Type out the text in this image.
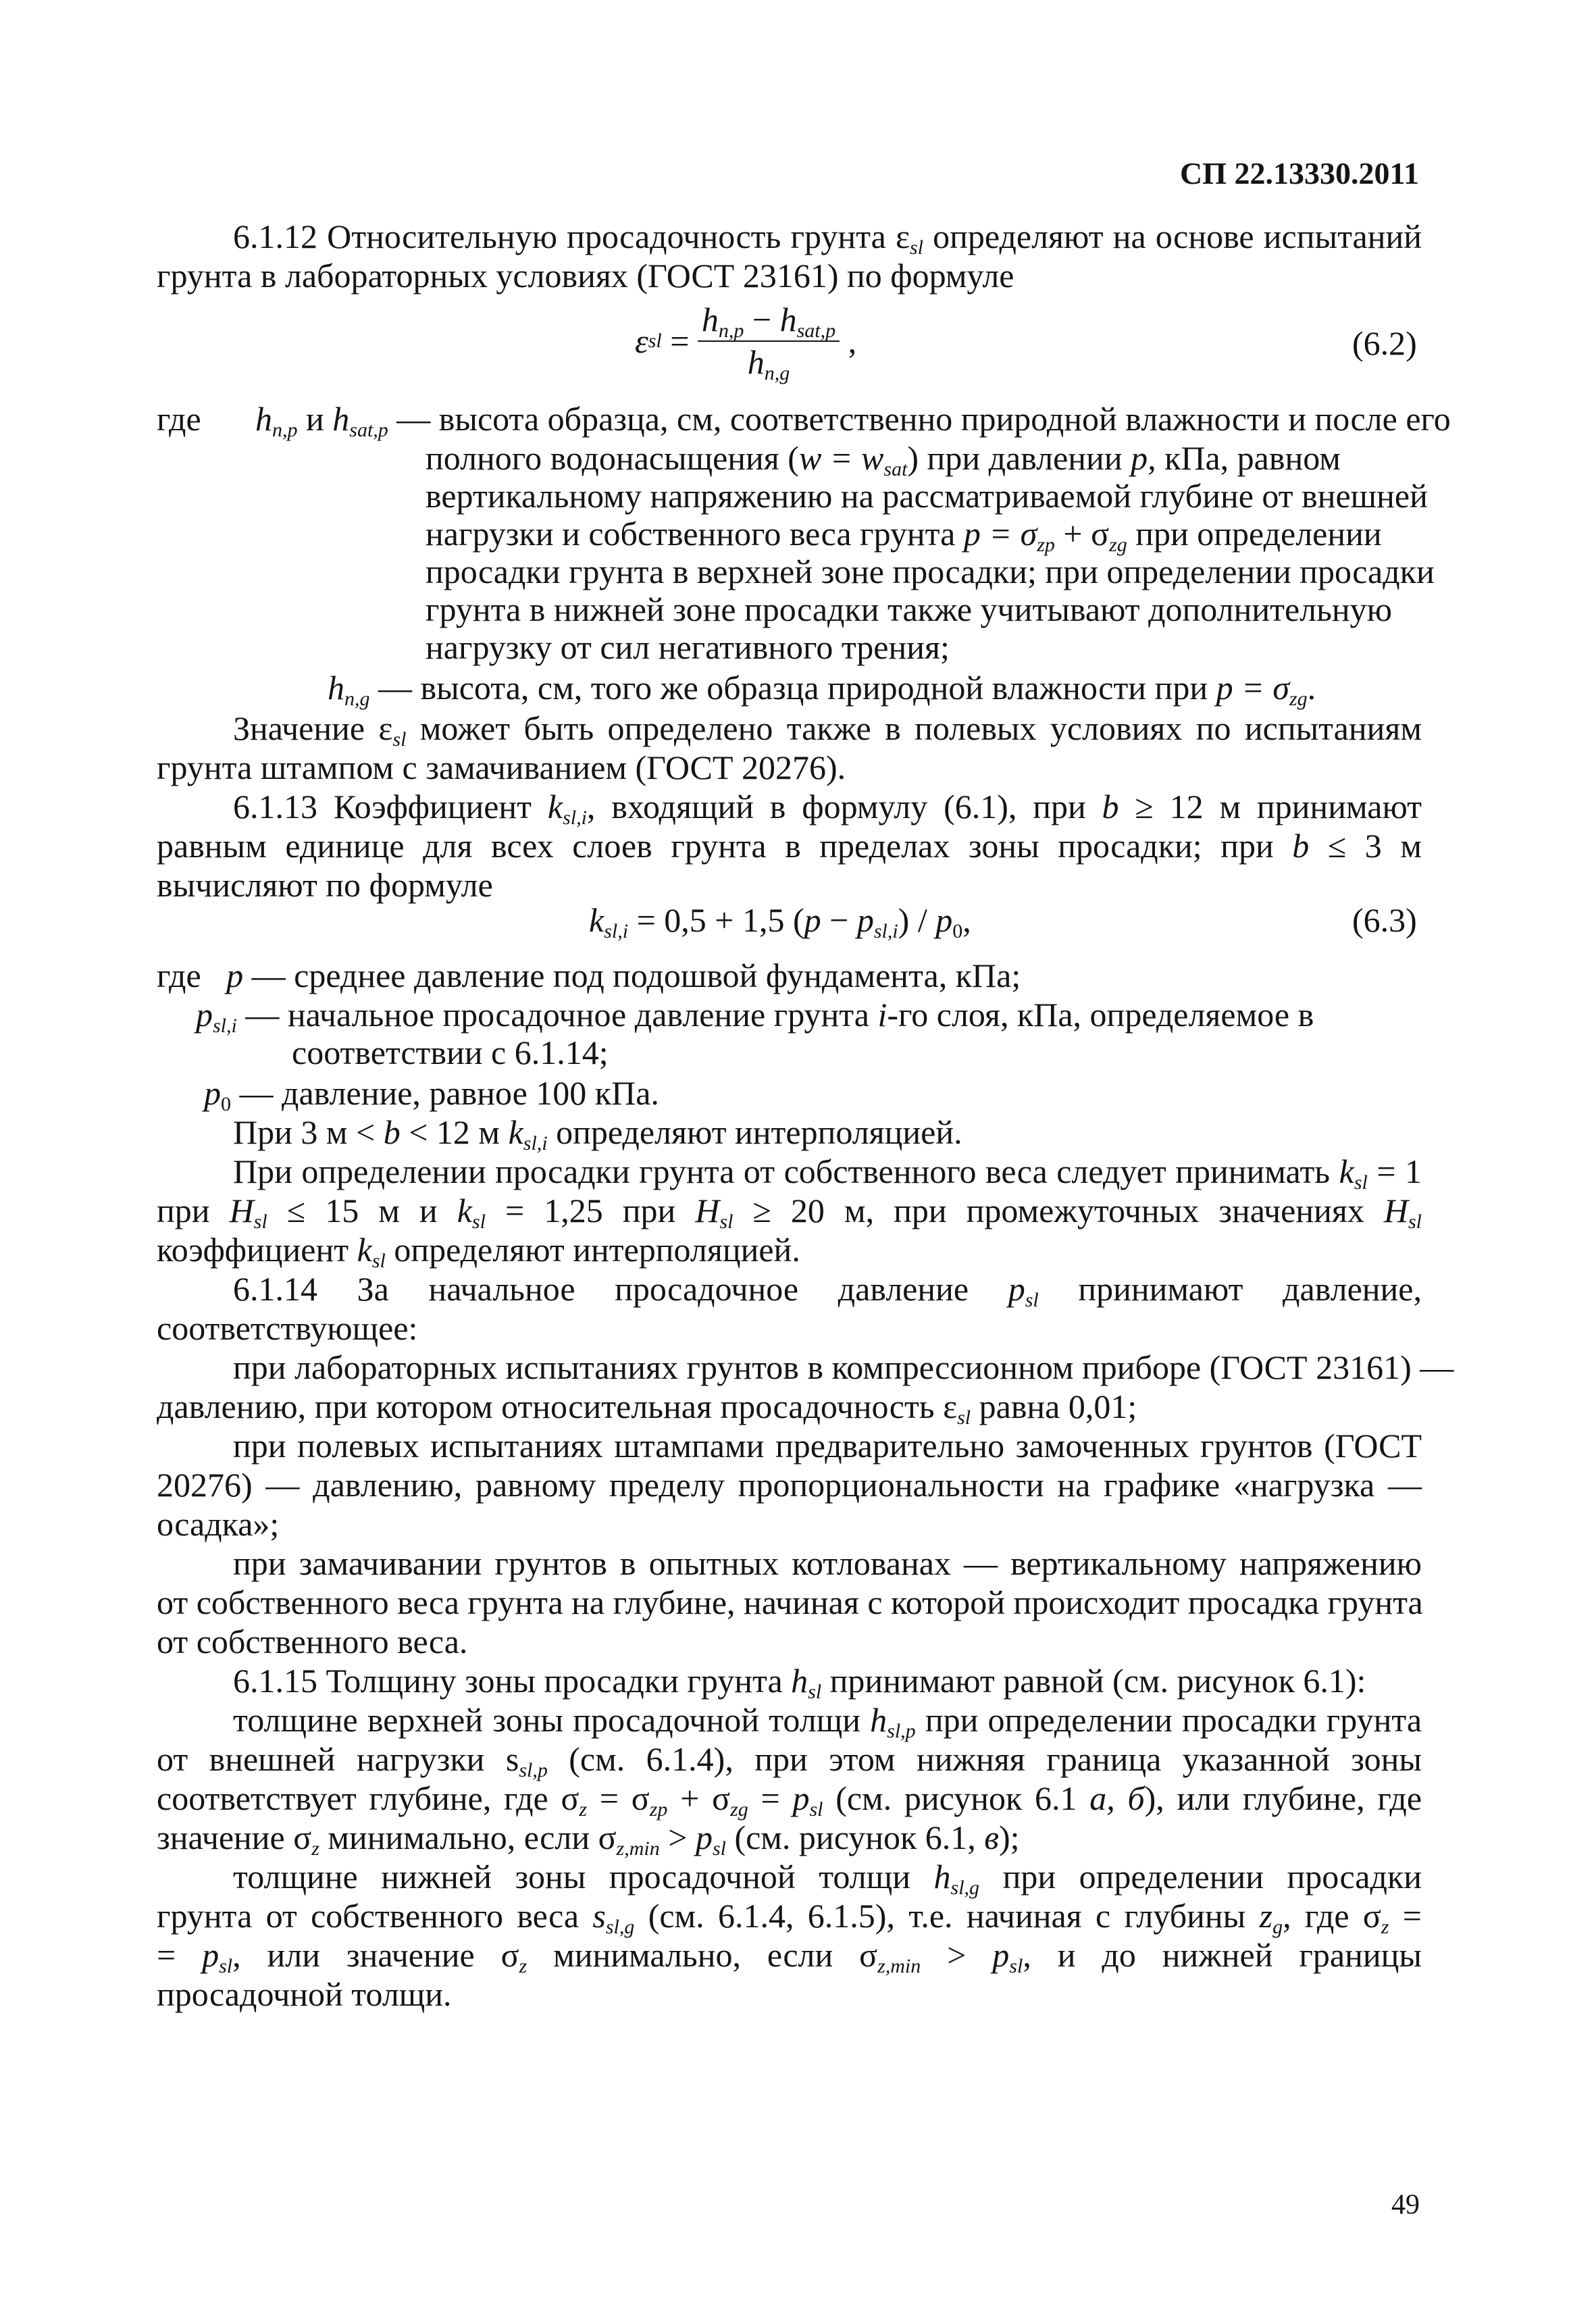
СП 22.13330.2011
6.1.12 Относительную просадочность грунта $\varepsilon_{sl}$ определяют на основе испытаний
грунта в лабораторных условиях (ГОСТ 23161) по формуле
ε sl = $\frac{h_{n,p} - h_{sat,p}}{h_{n,g}}$ ,	(6.2)
где $h_{n,p}$ и $h_{sat,p}$ — высота образца, см, соответственно природной влажности и после его
полного водонасыщения $(w = w_{sat})$ при давлении p, кПа, равном
вертикальному напряжению на рассматриваемой глубине от внешней
нагрузки и собственного веса грунта $p = \sigma_{zp} + \sigma_{zg}$ при определении
просадки грунта в верхней зоне просадки; при определении просадки
грунта в нижней зоне просадки также учитывают дополнительную
нагрузку от сил негативного трения;
$h_{n,g}$ — высота, см, того же образца природной влажности при $p = \sigma_{zg}$.
Значение $\varepsilon_{sl}$ может быть определено также в полевых условиях по испытаниям
грунта штампом с замачиванием (ГОСТ 20276).
6.1.13 Коэффициент $k_{sl,i}$, входящий в формулу (6.1), при b ≥ 12 м принимают
равным единице для всех слоев грунта в пределах зоны просадки; при b ≤ 3 м
вычисляют по формуле
$k_{sl,i} = 0,5 + 1,5$ $(p - p_{sl,i}) / p_0$,	(6.3)
где p — среднее давление под подошвой фундамента, кПа;
$p_{sl,i}$ — начальное просадочное давление грунта i-го слоя, кПа, определяемое в
соответствии с 6.1.14;
$p_0$ — давление, равное 100 кПа.
При 3 м < b < 12 м $k_{sl,i}$ определяют интерполяцией.
При определении просадки грунта от собственного веса следует принимать $k_{sl} = 1$
при $H_{sl} \le 15$ м и $k_{sl} = 1,25$ при $H_{sl} \ge 20$ м, при промежуточных значениях $H_{sl}$
коэффициент $k_{sl}$ определяют интерполяцией.
6.1.14 За начальное просадочное давление $p_{sl}$ принимают давление,
соответствующее:
при лабораторных испытаниях грунтов в компрессионном приборе (ГОСТ 23161) —
давлению, при котором относительная просадочность $\varepsilon_{sl}$ равна 0,01;
при полевых испытаниях штампами предварительно замоченных грунтов (ГОСТ
20276) — давлению, равному пределу пропорциональности на графике «нагрузка —
осадка»;
при замачивании грунтов в опытных котлованах — вертикальному напряжению
от собственного веса грунта на глубине, начиная с которой происходит просадка грунта
от собственного веса.
6.1.15 Толщину зоны просадки грунта $h_{sl}$ принимают равной (см. рисунок 6.1):
толщине верхней зоны просадочной толщи $h_{sl,p}$ при определении просадки грунта
от внешней нагрузки $s_{sl,p}$ (см. 6.1.4), при этом нижняя граница указанной зоны
соответствует глубине, где $\sigma_z = \sigma_{zp} + \sigma_{zg} = p_{sl}$ (см. рисунок 6.1 а, б), или глубине, где
значение $\sigma_z$ минимально, если $\sigma_{z,min} > p_{sl}$ (см. рисунок 6.1, в);
толщине нижней зоны просадочной толщи $h_{sl,g}$ при определении просадки
грунта от собственного веса $s_{sl,g}$ (см. 6.1.4, 6.1.5), т.е. начиная с глубины $z_g$, где $\sigma_z$ =
= $p_{sl}$, или значение $\sigma_z$ минимально, если $\sigma_{z,min} > p_{sl}$, и до нижней границы
просадочной толщи.
49
